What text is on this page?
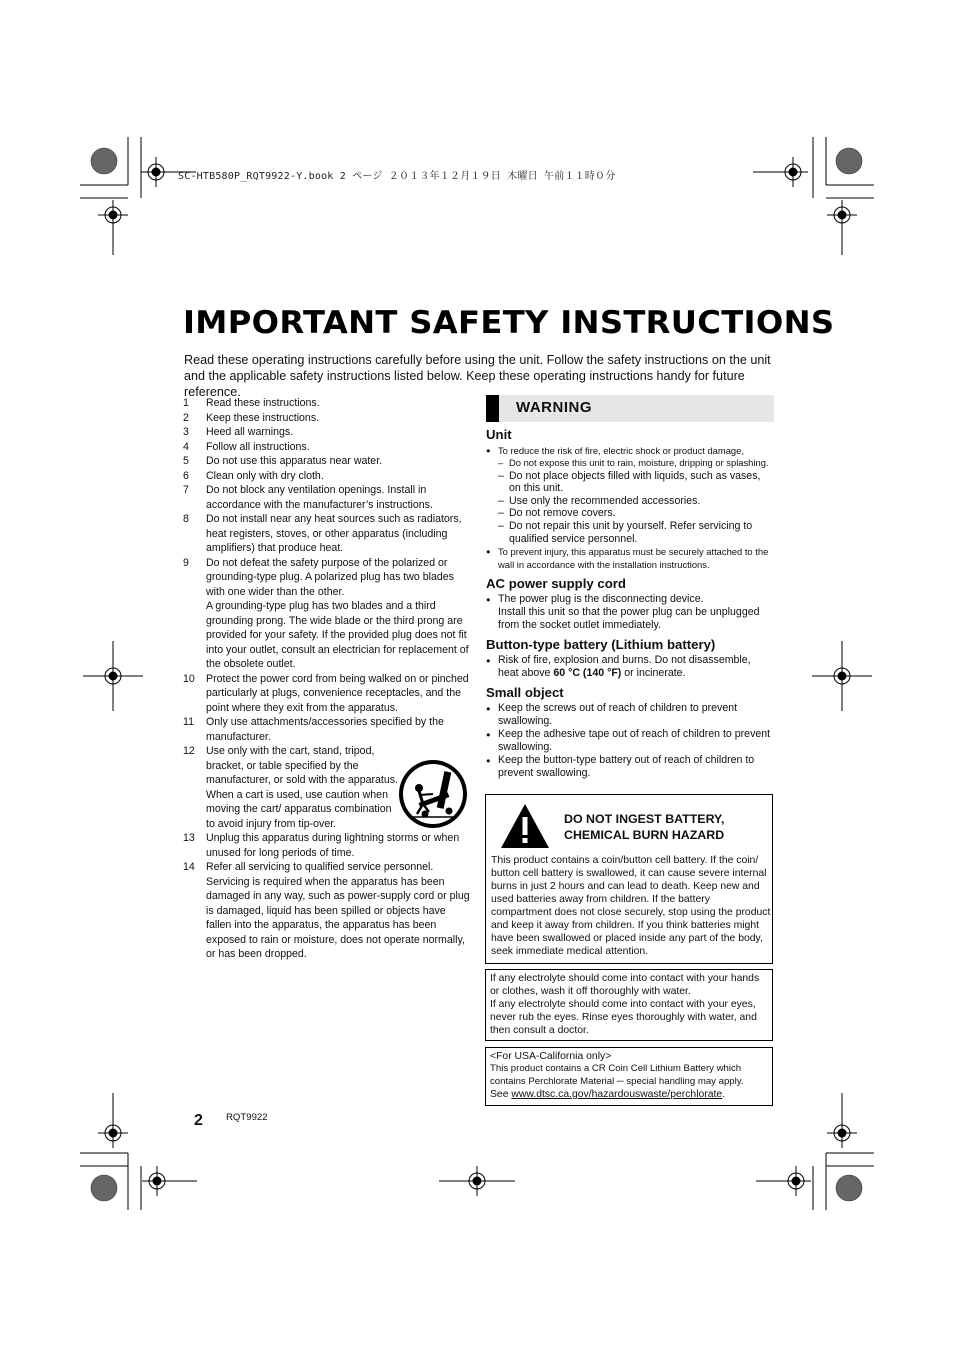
SC-HTB580P_RQT9922-Y.book 2 ページ ２０１３年１２月１９日 木曜日 午前１１時０分
IMPORTANT SAFETY INSTRUCTIONS
Read these operating instructions carefully before using the unit. Follow the safety instructions on the unit and the applicable safety instructions listed below. Keep these operating instructions handy for future reference.
1	Read these instructions.
2	Keep these instructions.
3	Heed all warnings.
4	Follow all instructions.
5	Do not use this apparatus near water.
6	Clean only with dry cloth.
7	Do not block any ventilation openings. Install in accordance with the manufacturer’s instructions.
8	Do not install near any heat sources such as radiators, heat registers, stoves, or other apparatus (including amplifiers) that produce heat.
9	Do not defeat the safety purpose of the polarized or grounding-type plug. A polarized plug has two blades with one wider than the other.
A grounding-type plug has two blades and a third grounding prong. The wide blade or the third prong are provided for your safety. If the provided plug does not fit into your outlet, consult an electrician for replacement of the obsolete outlet.
10	Protect the power cord from being walked on or pinched particularly at plugs, convenience receptacles, and the point where they exit from the apparatus.
11	Only use attachments/accessories specified by the manufacturer.
12	Use only with the cart, stand, tripod, bracket, or table specified by the manufacturer, or sold with the apparatus. When a cart is used, use caution when moving the cart/ apparatus combination to avoid injury from tip-over.
13	Unplug this apparatus during lightning storms or when unused for long periods of time.
14	Refer all servicing to qualified service personnel. Servicing is required when the apparatus has been damaged in any way, such as power-supply cord or plug is damaged, liquid has been spilled or objects have fallen into the apparatus, the apparatus has been exposed to rain or moisture, does not operate normally, or has been dropped.
WARNING
Unit
● To reduce the risk of fire, electric shock or product damage,
– Do not expose this unit to rain, moisture, dripping or splashing.
– Do not place objects filled with liquids, such as vases, on this unit.
– Use only the recommended accessories.
– Do not remove covers.
– Do not repair this unit by yourself. Refer servicing to qualified service personnel.
● To prevent injury, this apparatus must be securely attached to the wall in accordance with the installation instructions.
AC power supply cord
● The power plug is the disconnecting device.
Install this unit so that the power plug can be unplugged from the socket outlet immediately.
Button-type battery (Lithium battery)
● Risk of fire, explosion and burns. Do not disassemble, heat above 60 °C (140 °F) or incinerate.
Small object
● Keep the screws out of reach of children to prevent swallowing.
● Keep the adhesive tape out of reach of children to prevent swallowing.
● Keep the button-type battery out of reach of children to prevent swallowing.
DO NOT INGEST BATTERY,
CHEMICAL BURN HAZARD
This product contains a coin/button cell battery. If the coin/ button cell battery is swallowed, it can cause severe internal burns in just 2 hours and can lead to death. Keep new and used batteries away from children. If the battery compartment does not close securely, stop using the product and keep it away from children. If you think batteries might have been swallowed or placed inside any part of the body, seek immediate medical attention.
If any electrolyte should come into contact with your hands or clothes, wash it off thoroughly with water.
If any electrolyte should come into contact with your eyes, never rub the eyes. Rinse eyes thoroughly with water, and then consult a doctor.
<For USA-California only>
This product contains a CR Coin Cell Lithium Battery which contains Perchlorate Material ─ special handling may apply.
See www.dtsc.ca.gov/hazardouswaste/perchlorate.
2 RQT9922
